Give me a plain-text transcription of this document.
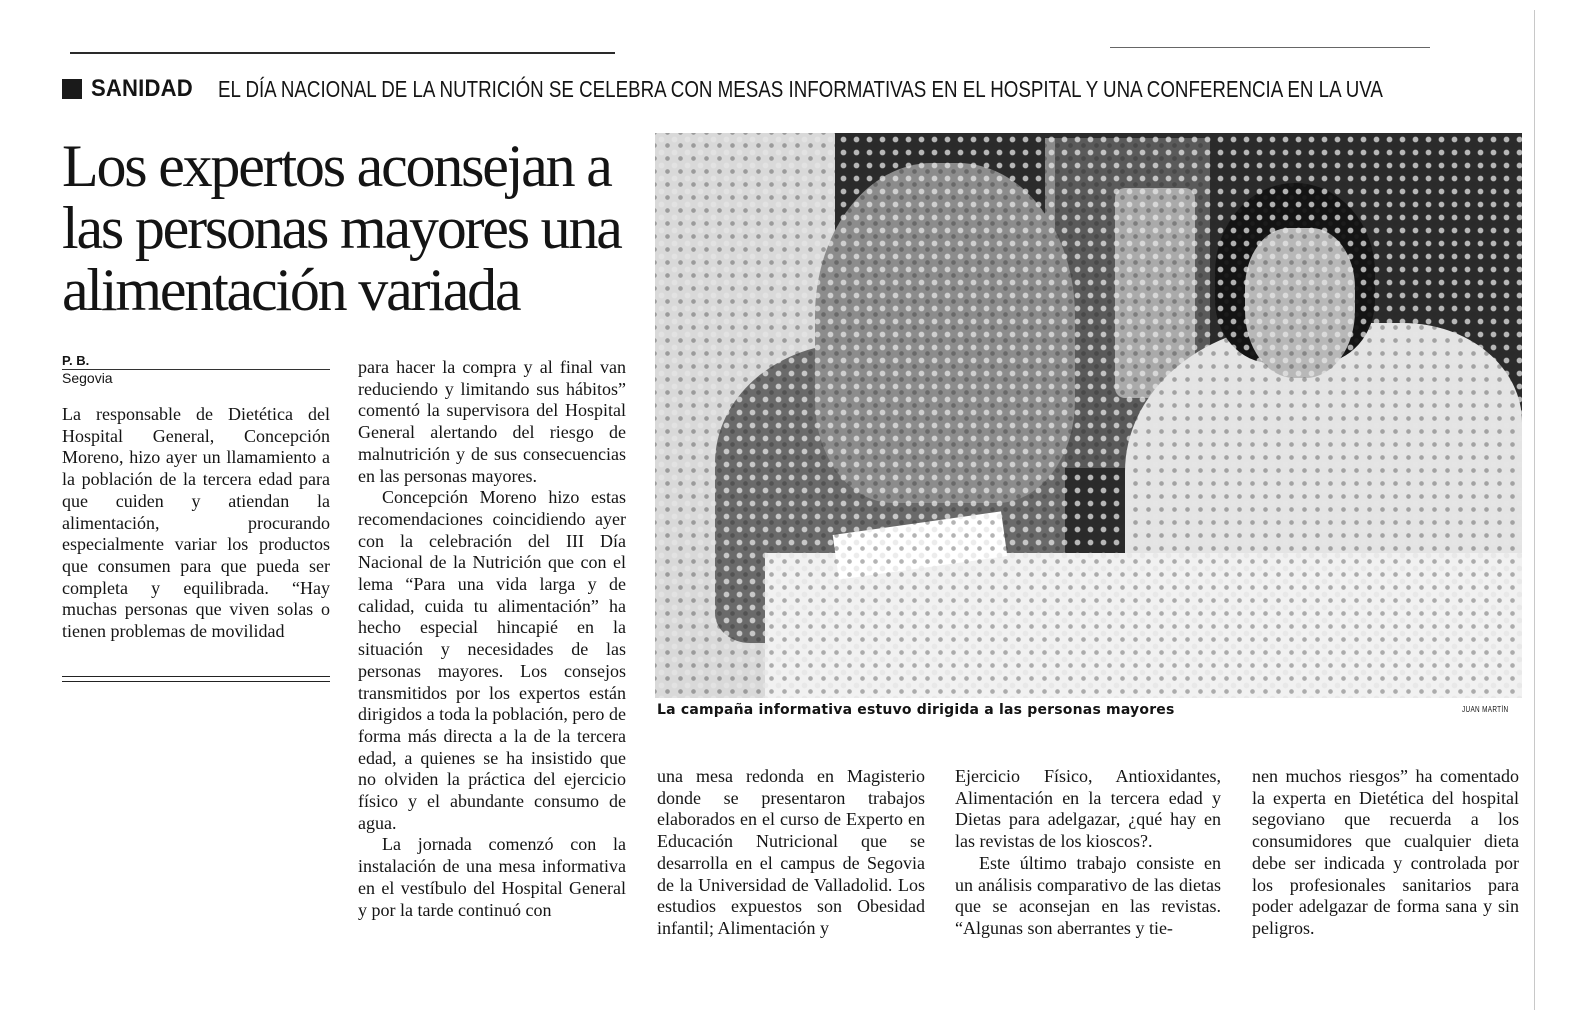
SANIDAD EL DÍA NACIONAL DE LA NUTRICIÓN SE CELEBRA CON MESAS INFORMATIVAS EN EL HOSPITAL Y UNA CONFERENCIA EN LA UVA
Los expertos aconsejan a las personas mayores una alimentación variada
P. B.
Segovia

La responsable de Dietética del Hospital General, Concepción Moreno, hizo ayer un llamamiento a la población de la tercera edad para que cuiden y atiendan la alimentación, procurando especialmente variar los productos que consumen para que pueda ser completa y equilibrada. “Hay muchas personas que viven solas o tienen problemas de movilidad

para hacer la compra y al final van reduciendo y limitando sus hábitos” comentó la supervisora del Hospital General alertando del riesgo de malnutrición y de sus consecuencias en las personas mayores.

Concepción Moreno hizo estas recomendaciones coincidiendo ayer con la celebración del III Día Nacional de la Nutrición que con el lema “Para una vida larga y de calidad, cuida tu alimentación” ha hecho especial hincapié en la situación y necesidades de las personas mayores. Los consejos transmitidos por los expertos están dirigidos a toda la población, pero de forma más directa a la de la tercera edad, a quienes se ha insistido que no olviden la práctica del ejercicio físico y el abundante consumo de agua.

La jornada comenzó con la instalación de una mesa informativa en el vestíbulo del Hospital General y por la tarde continuó con

La campaña informativa estuvo dirigida a las personas mayores	JUAN MARTÍN

una mesa redonda en Magisterio donde se presentaron trabajos elaborados en el curso de Experto en Educación Nutricional que se desarrolla en el campus de Segovia de la Universidad de Valladolid. Los estudios expuestos son Obesidad infantil; Alimentación y

Ejercicio Físico, Antioxidantes, Alimentación en la tercera edad y Dietas para adelgazar, ¿qué hay en las revistas de los kioscos?.

Este último trabajo consiste en un análisis comparativo de las dietas que se aconsejan en las revistas. “Algunas son aberrantes y tie-

nen muchos riesgos” ha comentado la experta en Dietética del hospital segoviano que recuerda a los consumidores que cualquier dieta debe ser indicada y controlada por los profesionales sanitarios para poder adelgazar de forma sana y sin peligros.
